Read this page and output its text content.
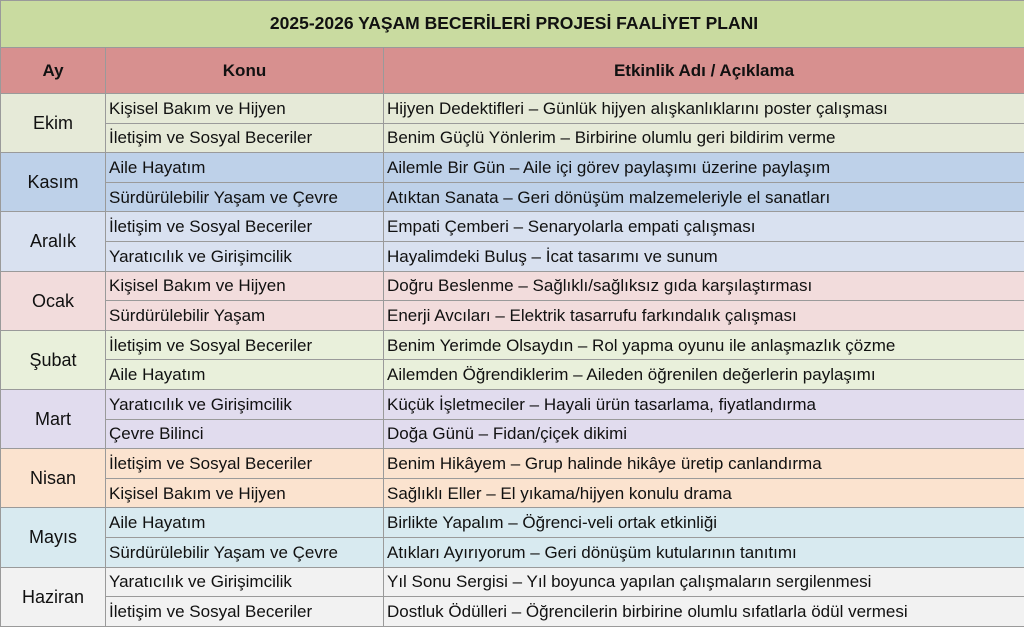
2025-2026 YAŞAM BECERİLERİ PROJESİ FAALİYET PLANI		
Ay	Konu	Etkinlik Adı / Açıklama
Ekim	Kişisel Bakım ve Hijyen	Hijyen Dedektifleri – Günlük hijyen alışkanlıklarını poster çalışması
	İletişim ve Sosyal Beceriler	Benim Güçlü Yönlerim – Birbirine olumlu geri bildirim verme
Kasım	Aile Hayatım	Ailemle Bir Gün – Aile içi görev paylaşımı üzerine paylaşım
	Sürdürülebilir Yaşam ve Çevre	Atıktan Sanata – Geri dönüşüm malzemeleriyle el sanatları
Aralık	İletişim ve Sosyal Beceriler	Empati Çemberi – Senaryolarla empati çalışması
	Yaratıcılık ve Girişimcilik	Hayalimdeki Buluş – İcat tasarımı ve sunum
Ocak	Kişisel Bakım ve Hijyen	Doğru Beslenme – Sağlıklı/sağlıksız gıda karşılaştırması
	Sürdürülebilir Yaşam	Enerji Avcıları – Elektrik tasarrufu farkındalık çalışması
Şubat	İletişim ve Sosyal Beceriler	Benim Yerimde Olsaydın – Rol yapma oyunu ile anlaşmazlık çözme
	Aile Hayatım	Ailemden Öğrendiklerim – Aileden öğrenilen değerlerin paylaşımı
Mart	Yaratıcılık ve Girişimcilik	Küçük İşletmeciler – Hayali ürün tasarlama, fiyatlandırma
	Çevre Bilinci	Doğa Günü – Fidan/çiçek dikimi
Nisan	İletişim ve Sosyal Beceriler	Benim Hikâyem – Grup halinde hikâye üretip canlandırma
	Kişisel Bakım ve Hijyen	Sağlıklı Eller – El yıkama/hijyen konulu drama
Mayıs	Aile Hayatım	Birlikte Yapalım – Öğrenci-veli ortak etkinliği
	Sürdürülebilir Yaşam ve Çevre	Atıkları Ayırıyorum – Geri dönüşüm kutularının tanıtımı
Haziran	Yaratıcılık ve Girişimcilik	Yıl Sonu Sergisi – Yıl boyunca yapılan çalışmaların sergilenmesi
	İletişim ve Sosyal Beceriler	Dostluk Ödülleri – Öğrencilerin birbirine olumlu sıfatlarla ödül vermesi
